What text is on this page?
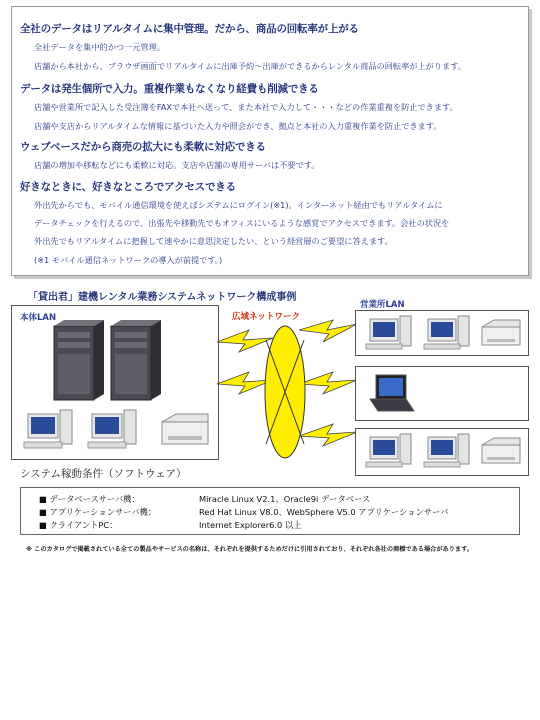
全社のデータはリアルタイムに集中管理。だから、商品の回転率が上がる
全社データを集中的かつ一元管理。
店舗から本社から、ブラウザ画面でリアルタイムに出庫予約～出庫ができるからレンタル商品の回転率が上がります。
データは発生個所で入力。重複作業もなくなり経費も削減できる
店舗や営業所で記入した受注簿をFAXで本社へ送って、また本社で入力して・・・などの作業重複を防止できます。
店舗や支店からリアルタイムな情報に基づいた入力や照会ができ、拠点と本社の入力重複作業を防止できます。
ウェブベースだから商売の拡大にも柔軟に対応できる
店舗の増加や移転などにも柔軟に対応。支店や店舗の専用サーバは不要です。
好きなときに、好きなところでアクセスできる
外出先からでも、モバイル通信環境を使えばシステムにログイン(※1)。インターネット経由でもリアルタイムに
データチェックを行えるので、出張先や移動先でもオフィスにいるような感覚でアクセスできます。会社の状況を
外出先でもリアルタイムに把握して速やかに意思決定したい、という経営層のご要望に答えます。
(※1 モバイル通信ネットワークの導入が前提です。)
「貸出君」建機レンタル業務システムネットワーク構成事例
本体LAN	広域ネットワーク
営業所LAN
システム稼動条件（ソフトウェア）
■ データベースサーバ機：	Miracle Linux V2.1、Oracle9i データベース
■ アプリケーションサーバ機：	Red Hat Linux V8.0、WebSphere V5.0 アプリケーションサーバ
■ クライアントPC：	Internet Explorer6.0 以上
※ このカタログで掲載されている全ての製品やサービスの名称は、それぞれを提供するためだけに引用されており、それぞれ各社の商標である場合があります。
